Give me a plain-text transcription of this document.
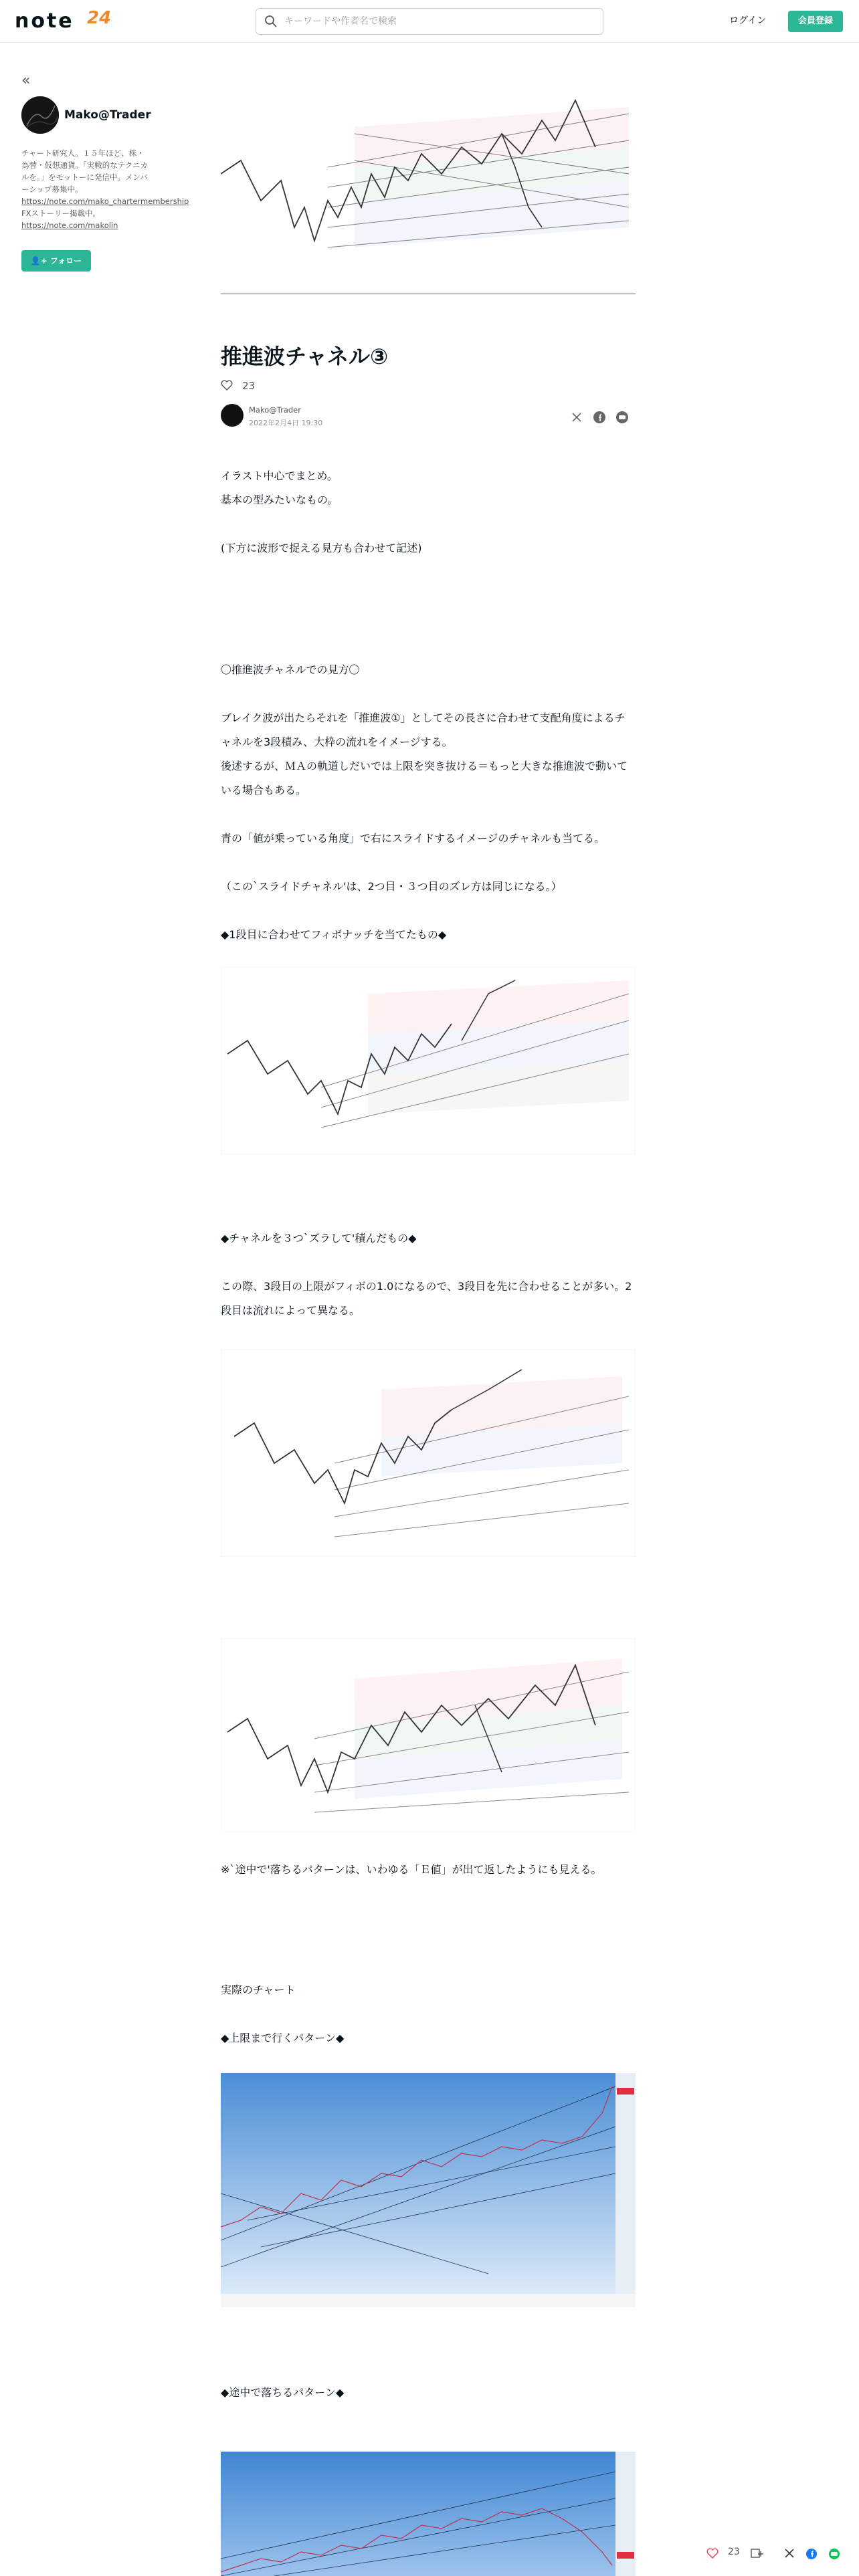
note 24
キーワードや作者名で検索	ログイン	会員登録
«
Mako@Trader
チャート研究人。１５年ほど、株・為替・仮想通貨。「実戦的なテクニカルを。」をモットーに発信中。メンバーシップ募集中。 https://note.com/mako_chartermembership FXストーリー掲載中。 https://note.com/makolin
👤+ フォロー
推進波チャネル③
23
Mako@Trader
2022年2月4日 19:30
イラスト中心でまとめ。
基本の型みたいなもの。
(下方に波形で捉える見方も合わせて記述)
〇推進波チャネルでの見方〇
ブレイク波が出たらそれを「推進波①」としてその長さに合わせて支配角度によるチャネルを3段積み、大枠の流れをイメージする。
後述するが、ＭＡの軌道しだいでは上限を突き抜ける＝もっと大きな推進波で動いている場合もある。
青の「値が乗っている角度」で右にスライドするイメージのチャネルも当てる。
（この`スライドチャネル'は、2つ目・３つ目のズレ方は同じになる。）
◆1段目に合わせてフィボナッチを当てたもの◆
◆チャネルを３つ`ズラして'積んだもの◆
この際、3段目の上限がフィボの1.0になるので、3段目を先に合わせることが多い。2段目は流れによって異なる。
※`途中で'落ちるパターンは、いわゆる「Ｅ値」が出て返したようにも見える。
実際のチャート
◆上限まで行くパターン◆
◆途中で落ちるパターン◆
23
